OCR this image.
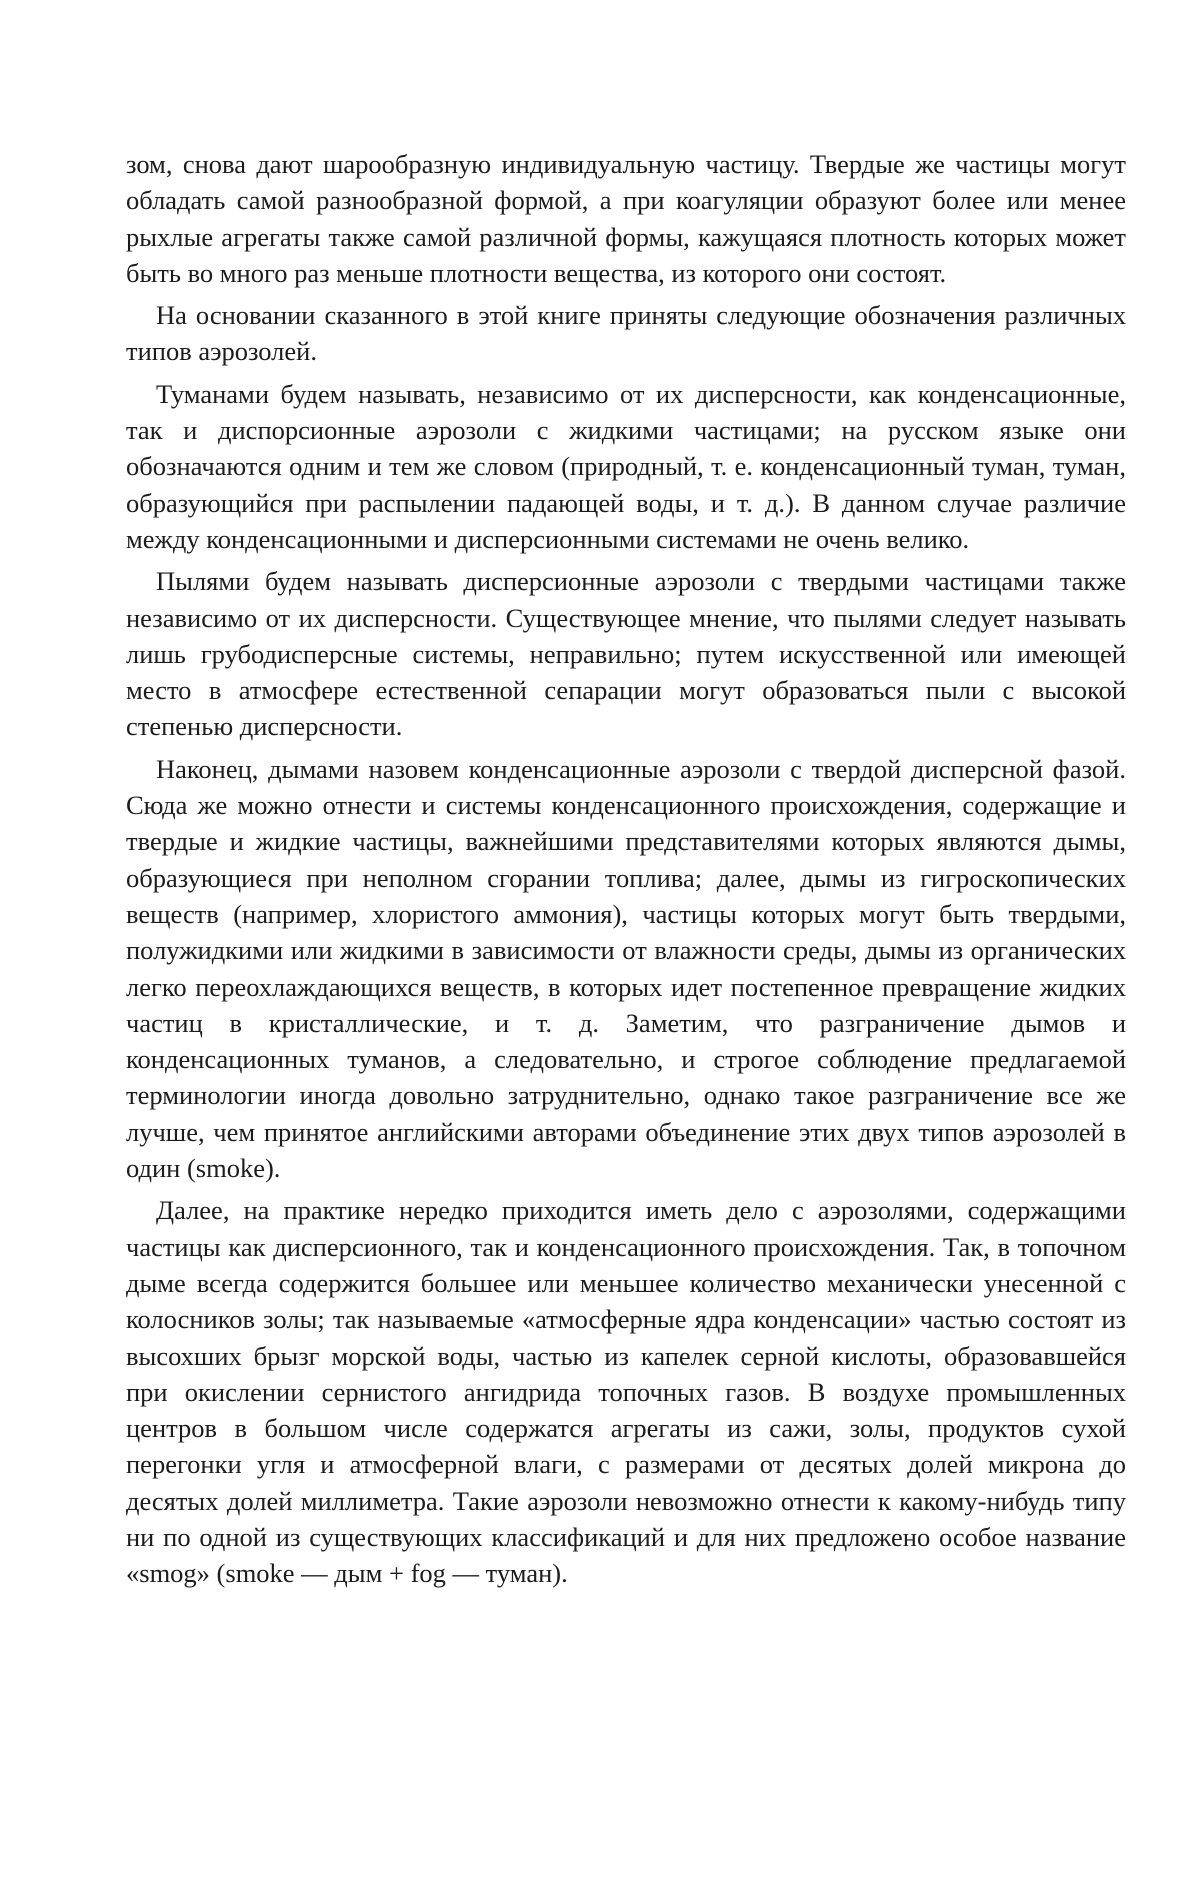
зом, снова дают шарообразную индивидуальную частицу. Твердые же частицы могут обладать самой разнообразной формой, а при коагуляции образуют более или менее рыхлые агрегаты также самой различной формы, кажущаяся плотность которых может быть во много раз меньше плотности вещества, из которого они состоят.

На основании сказанного в этой книге приняты следующие обозначения различных типов аэрозолей.

Туманами будем называть, независимо от их дисперсности, как конденсационные, так и диспорсионные аэрозоли с жидкими частицами; на русском языке они обозначаются одним и тем же словом (природный, т. е. конденсационный туман, туман, образующийся при распылении падающей воды, и т. д.). В данном случае различие между конденсационными и дисперсионными системами не очень велико.

Пылями будем называть дисперсионные аэрозоли с твердыми частицами также независимо от их дисперсности. Существующее мнение, что пылями следует называть лишь грубодисперсные системы, неправильно; путем искусственной или имеющей место в атмосфере естественной сепарации могут образоваться пыли с высокой степенью дисперсности.

Наконец, дымами назовем конденсационные аэрозоли с твердой дисперсной фазой. Сюда же можно отнести и системы конденсационного происхождения, содержащие и твердые и жидкие частицы, важнейшими представителями которых являются дымы, образующиеся при неполном сгорании топлива; далее, дымы из гигроскопических веществ (например, хлористого аммония), частицы которых могут быть твердыми, полужидкими или жидкими в зависимости от влажности среды, дымы из органических легко переохлаждающихся веществ, в которых идет постепенное превращение жидких частиц в кристаллические, и т. д. Заметим, что разграничение дымов и конденсационных туманов, а следовательно, и строгое соблюдение предлагаемой терминологии иногда довольно затруднительно, однако такое разграничение все же лучше, чем принятое английскими авторами объединение этих двух типов аэрозолей в один (smoke).

Далее, на практике нередко приходится иметь дело с аэрозолями, содержащими частицы как дисперсионного, так и конденсационного происхождения. Так, в топочном дыме всегда содержится большее или меньшее количество механически унесенной с колосников золы; так называемые «атмосферные ядра конденсации» частью состоят из высохших брызг морской воды, частью из капелек серной кислоты, образовавшейся при окислении сернистого ангидрида топочных газов. В воздухе промышленных центров в большом числе содержатся агрегаты из сажи, золы, продуктов сухой перегонки угля и атмосферной влаги, с размерами от десятых долей микрона до десятых долей миллиметра. Такие аэрозоли невозможно отнести к какому-нибудь типу ни по одной из существующих классификаций и для них предложено особое название «smog» (smoke — дым + fog — туман).
